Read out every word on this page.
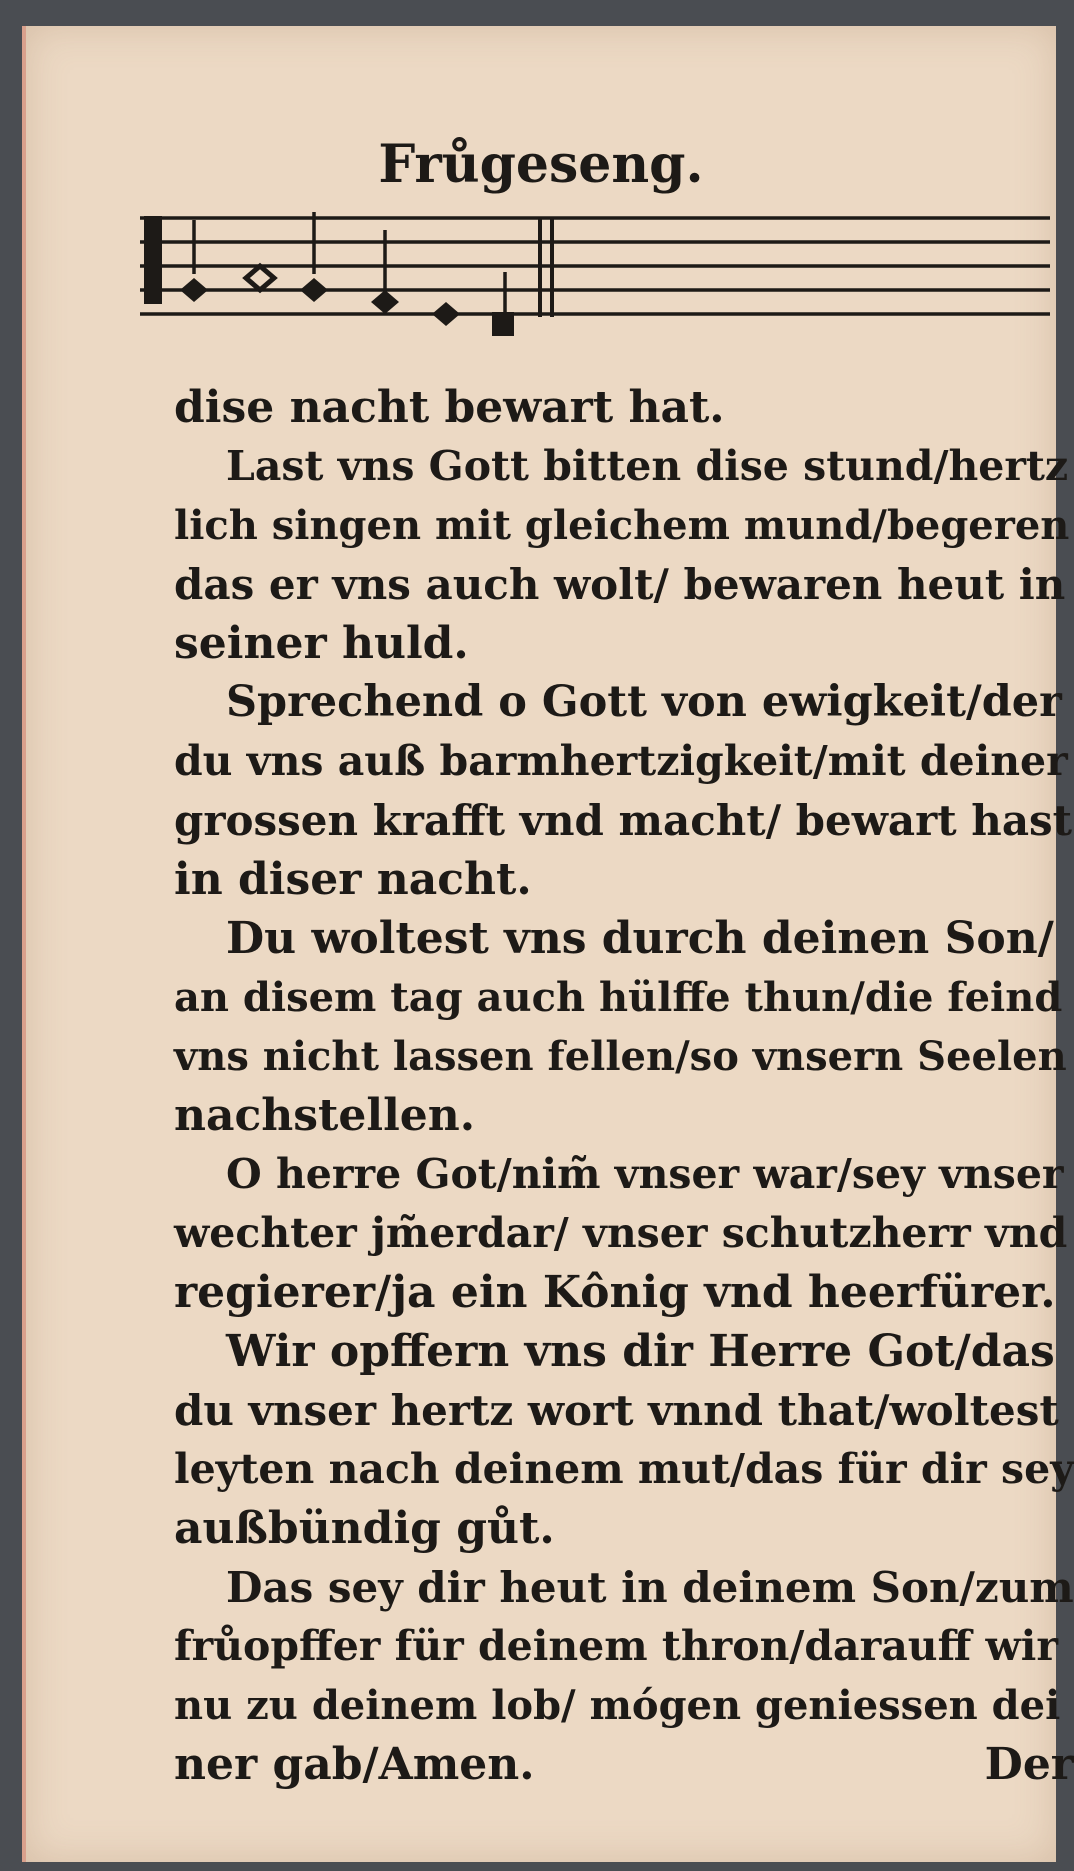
Frůgeseng.
dise nacht bewart hat.
Last vns Gott bitten dise stund/hertz
lich singen mit gleichem mund/begeren
das er vns auch wolt/ bewaren heut in
seiner huld.
Sprechend o Gott von ewigkeit/der
du vns auß barmhertzigkeit/mit deiner
grossen krafft vnd macht/ bewart hast
in diser nacht.
Du woltest vns durch deinen Son/
an disem tag auch hülffe thun/die feind
vns nicht lassen fellen/so vnsern Seelen
nachstellen.
O herre Got/nim̃ vnser war/sey vnser
wechter jm̃erdar/ vnser schutzherr vnd
regierer/ja ein Kônig vnd heerfürer.
Wir opffern vns dir Herre Got/das
du vnser hertz wort vnnd that/woltest
leyten nach deinem mut/das für dir sey
außbündig gůt.
Das sey dir heut in deinem Son/zum
frůopffer für deinem thron/darauff wir
nu zu deinem lob/ mógen geniessen dei
ner gab/Amen.	Der
